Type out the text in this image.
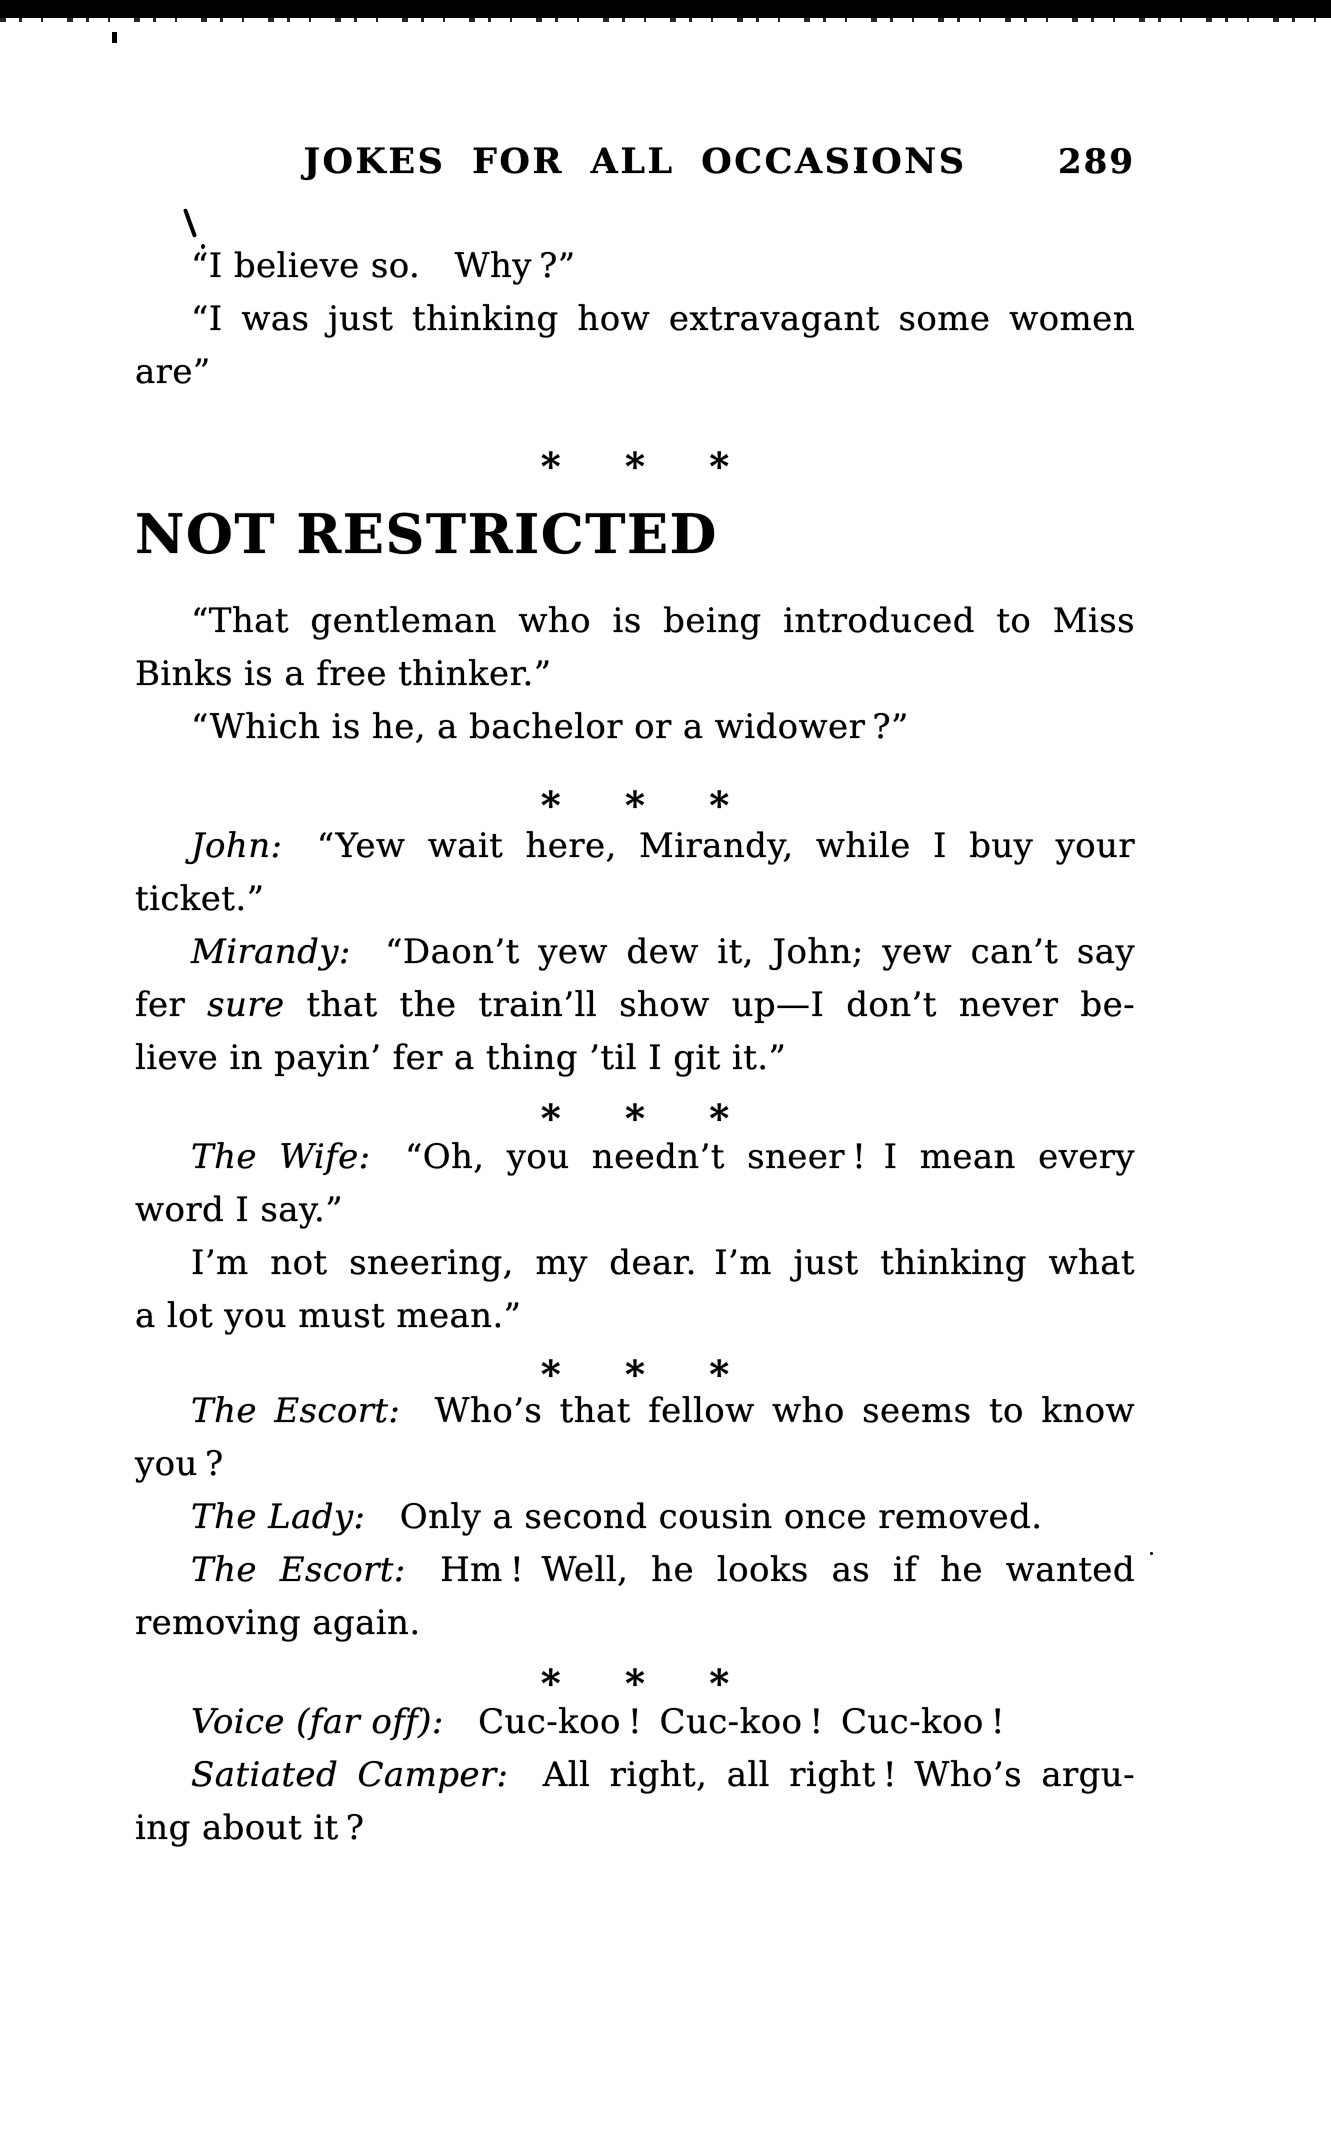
JOKES FOR ALL OCCASIONS	289
“I believe so. Why ?”
“I was just thinking how extravagant some women
are”
∗ ∗ ∗
NOT RESTRICTED
“That gentleman who is being introduced to Miss
Binks is a free thinker.”
“Which is he, a bachelor or a widower ?”
∗ ∗ ∗
John: “Yew wait here, Mirandy, while I buy your
ticket.”
Mirandy: “Daon’t yew dew it, John; yew can’t say
fer sure that the train’ll show up—I don’t never be-
lieve in payin’ fer a thing ’til I git it.”
∗ ∗ ∗
The Wife: “Oh, you needn’t sneer ! I mean every
word I say.”
I’m not sneering, my dear. I’m just thinking what
a lot you must mean.”
∗ ∗ ∗
The Escort: Who’s that fellow who seems to know
you ?
The Lady: Only a second cousin once removed.
The Escort: Hm ! Well, he looks as if he wanted
removing again.
∗ ∗ ∗
Voice (far off): Cuc-koo ! Cuc-koo ! Cuc-koo !
Satiated Camper: All right, all right ! Who’s argu-
ing about it ?
